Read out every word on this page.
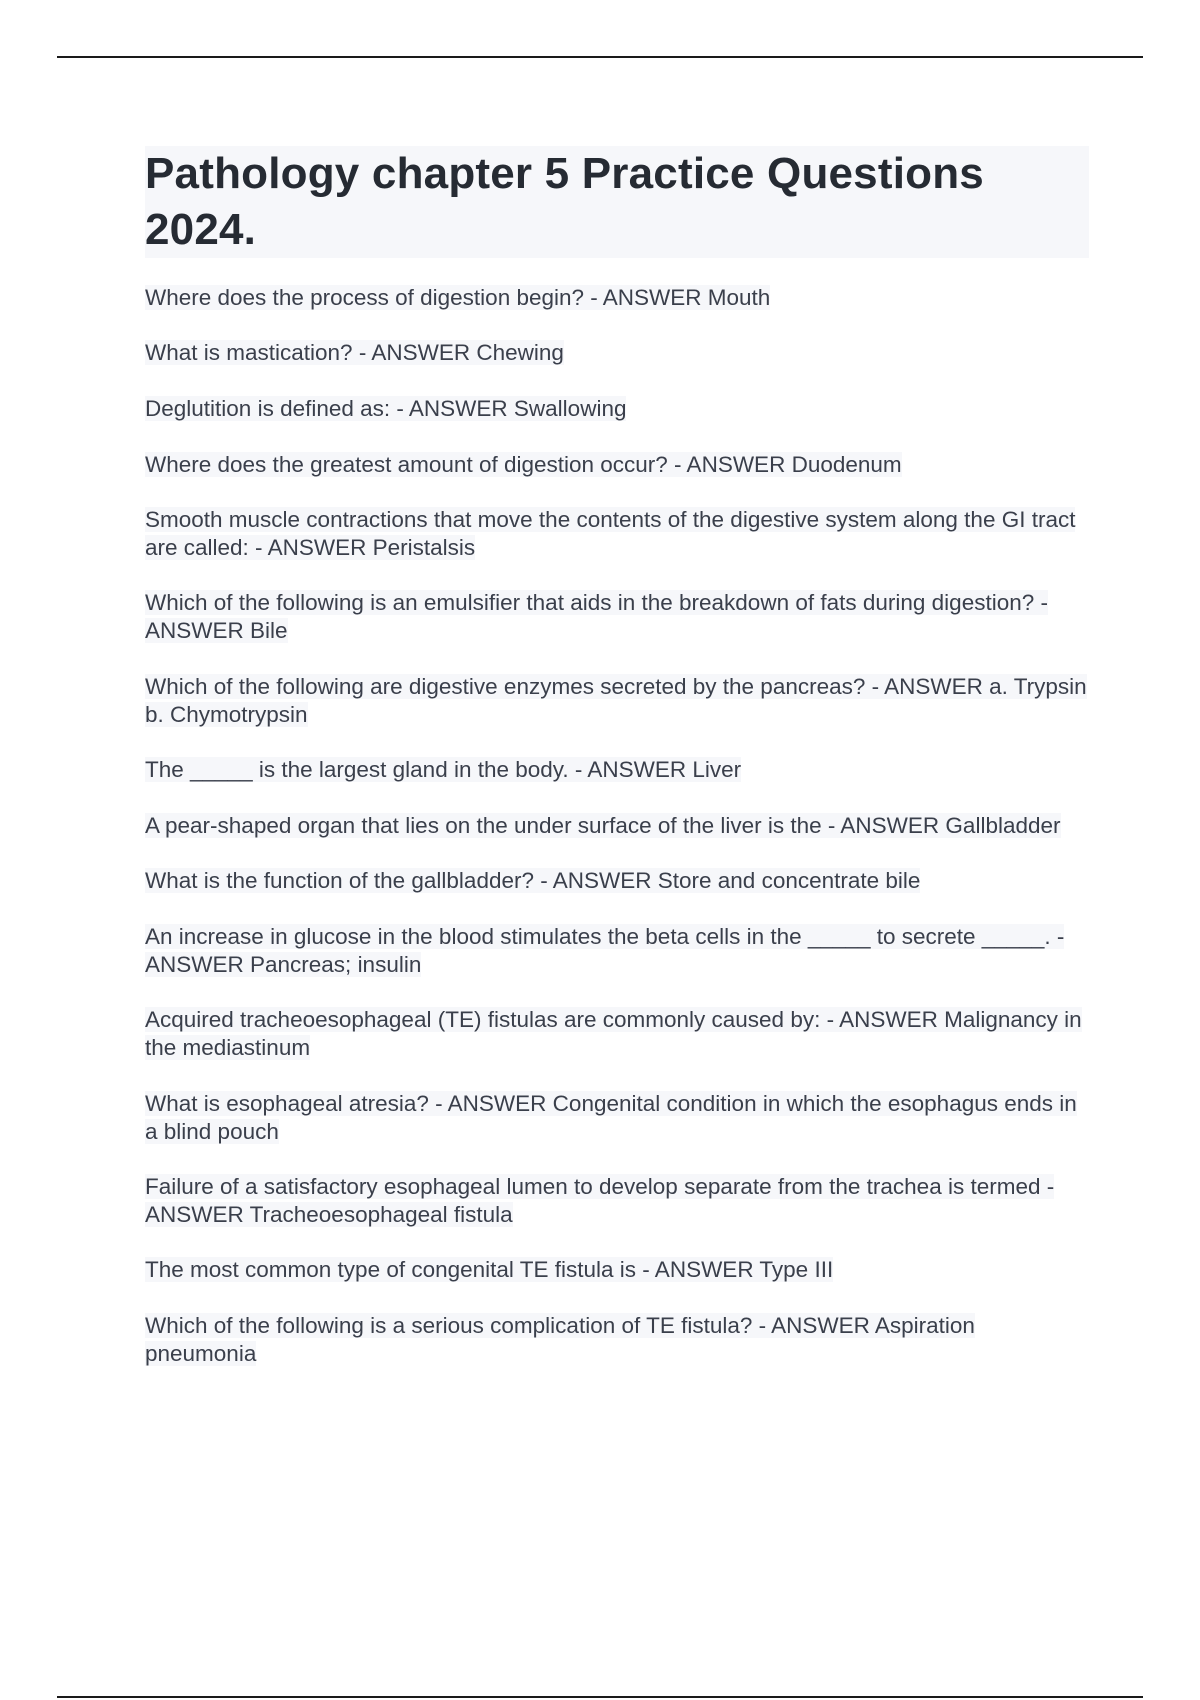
Pathology chapter 5 Practice Questions 2024.
Where does the process of digestion begin? - ANSWER Mouth
What is mastication? - ANSWER Chewing
Deglutition is defined as: - ANSWER Swallowing
Where does the greatest amount of digestion occur? - ANSWER Duodenum
Smooth muscle contractions that move the contents of the digestive system along the GI tract are called: - ANSWER Peristalsis
Which of the following is an emulsifier that aids in the breakdown of fats during digestion? - ANSWER Bile
Which of the following are digestive enzymes secreted by the pancreas? - ANSWER a. Trypsin
b. Chymotrypsin
The _____ is the largest gland in the body. - ANSWER Liver
A pear-shaped organ that lies on the under surface of the liver is the - ANSWER Gallbladder
What is the function of the gallbladder? - ANSWER Store and concentrate bile
An increase in glucose in the blood stimulates the beta cells in the _____ to secrete _____. - ANSWER Pancreas; insulin
Acquired tracheoesophageal (TE) fistulas are commonly caused by: - ANSWER Malignancy in the mediastinum
What is esophageal atresia? - ANSWER Congenital condition in which the esophagus ends in a blind pouch
Failure of a satisfactory esophageal lumen to develop separate from the trachea is termed - ANSWER Tracheoesophageal fistula
The most common type of congenital TE fistula is - ANSWER Type III
Which of the following is a serious complication of TE fistula? - ANSWER Aspiration pneumonia
